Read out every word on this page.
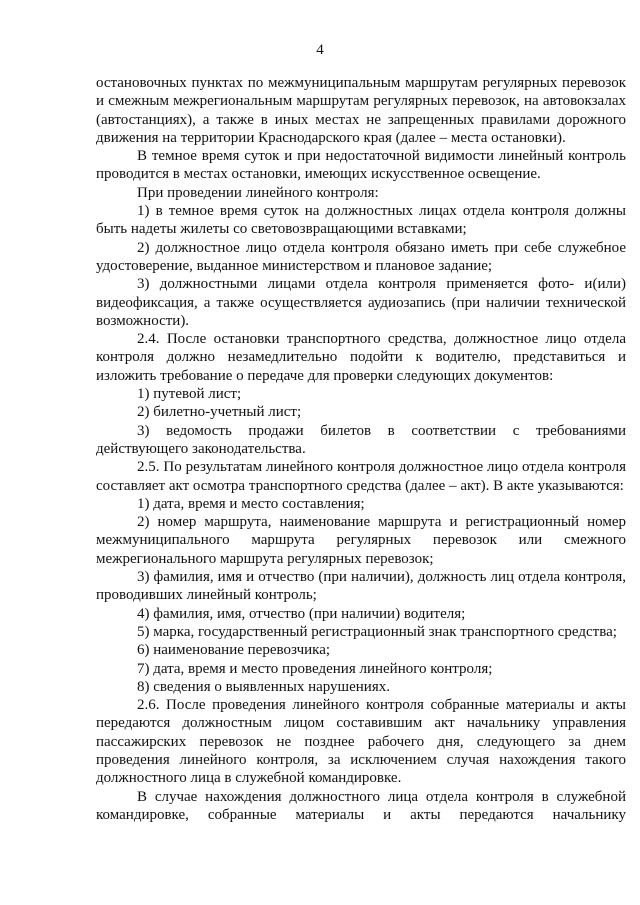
4

остановочных пунктах по межмуниципальным маршрутам регулярных перевозок и смежным межрегиональным маршрутам регулярных перевозок, на автовокзалах (автостанциях), а также в иных местах не запрещенных правилами дорожного движения на территории Краснодарского края (далее – места остановки).

В темное время суток и при недостаточной видимости линейный контроль проводится в местах остановки, имеющих искусственное освещение.

При проведении линейного контроля:

1) в темное время суток на должностных лицах отдела контроля должны быть надеты жилеты со световозвращающими вставками;

2) должностное лицо отдела контроля обязано иметь при себе служебное удостоверение, выданное министерством и плановое задание;

3) должностными лицами отдела контроля применяется фото- и(или) видеофиксация, а также осуществляется аудиозапись (при наличии технической возможности).

2.4. После остановки транспортного средства, должностное лицо отдела контроля должно незамедлительно подойти к водителю, представиться и изложить требование о передаче для проверки следующих документов:

1) путевой лист;

2) билетно-учетный лист;

3) ведомость продажи билетов в соответствии с требованиями действующего законодательства.

2.5. По результатам линейного контроля должностное лицо отдела контроля составляет акт осмотра транспортного средства (далее – акт). В акте указываются:

1) дата, время и место составления;

2) номер маршрута, наименование маршрута и регистрационный номер межмуниципального маршрута регулярных перевозок или смежного межрегионального маршрута регулярных перевозок;

3) фамилия, имя и отчество (при наличии), должность лиц отдела контроля, проводивших линейный контроль;

4) фамилия, имя, отчество (при наличии) водителя;

5) марка, государственный регистрационный знак транспортного средства;

6) наименование перевозчика;

7) дата, время и место проведения линейного контроля;

8) сведения о выявленных нарушениях.

2.6. После проведения линейного контроля собранные материалы и акты передаются должностным лицом составившим акт начальнику управления пассажирских перевозок не позднее рабочего дня, следующего за днем проведения линейного контроля, за исключением случая нахождения такого должностного лица в служебной командировке.

В случае нахождения должностного лица отдела контроля в служебной командировке, собранные материалы и акты передаются начальнику
